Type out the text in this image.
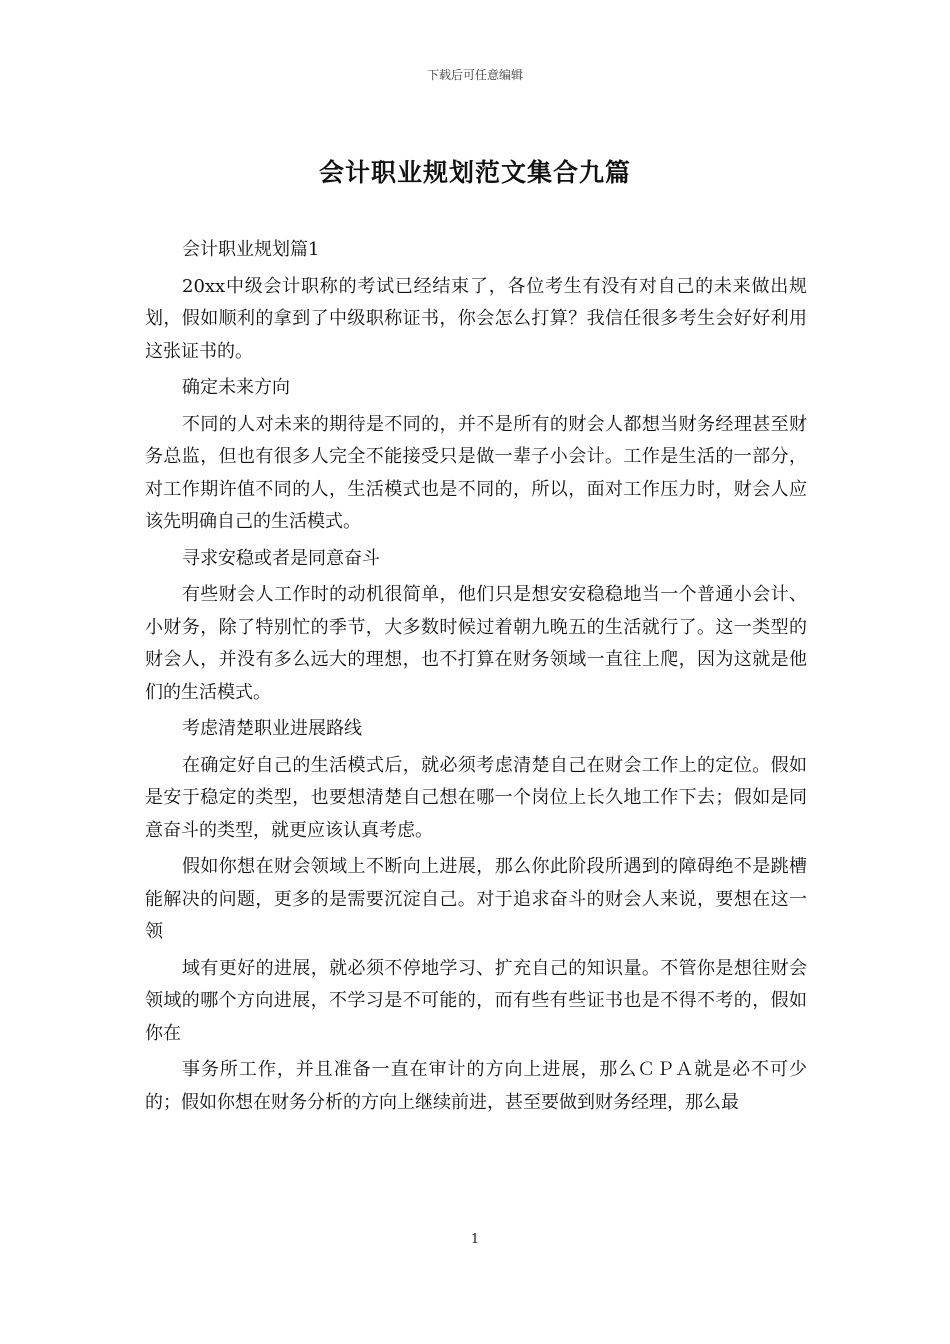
下载后可任意编辑
会计职业规划范文集合九篇

会计职业规划篇1

20xx中级会计职称的考试已经结束了，各位考生有没有对自己的未来做出规划，假如顺利的拿到了中级职称证书，你会怎么打算？我信任很多考生会好好利用这张证书的。

确定未来方向

不同的人对未来的期待是不同的，并不是所有的财会人都想当财务经理甚至财务总监，但也有很多人完全不能接受只是做一辈子小会计。工作是生活的一部分，对工作期许值不同的人，生活模式也是不同的，所以，面对工作压力时，财会人应该先明确自己的生活模式。

寻求安稳或者是同意奋斗

有些财会人工作时的动机很简单，他们只是想安安稳稳地当一个普通小会计、小财务，除了特别忙的季节，大多数时候过着朝九晚五的生活就行了。这一类型的财会人，并没有多么远大的理想，也不打算在财务领域一直往上爬，因为这就是他们的生活模式。

考虑清楚职业进展路线

在确定好自己的生活模式后，就必须考虑清楚自己在财会工作上的定位。假如是安于稳定的类型，也要想清楚自己想在哪一个岗位上长久地工作下去；假如是同意奋斗的类型，就更应该认真考虑。

假如你想在财会领域上不断向上进展，那么你此阶段所遇到的障碍绝不是跳槽能解决的问题，更多的是需要沉淀自己。对于追求奋斗的财会人来说，要想在这一领

域有更好的进展，就必须不停地学习、扩充自己的知识量。不管你是想往财会领域的哪个方向进展，不学习是不可能的，而有些有些证书也是不得不考的，假如你在

事务所工作，并且准备一直在审计的方向上进展，那么ＣＰＡ就是必不可少的；假如你想在财务分析的方向上继续前进，甚至要做到财务经理，那么最

1
